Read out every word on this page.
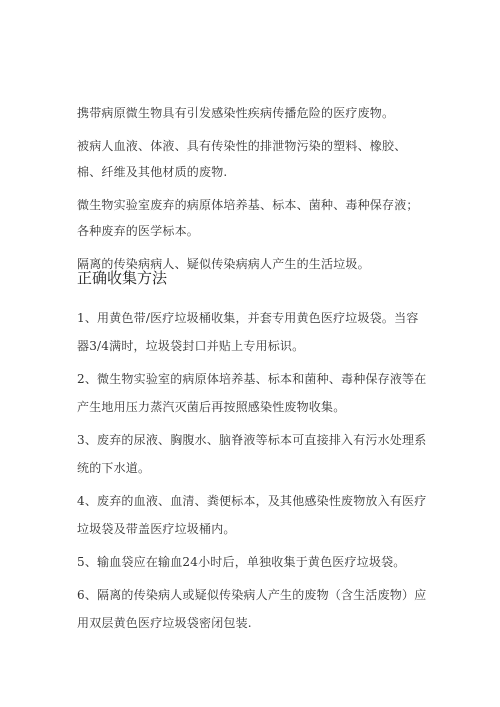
携带病原微生物具有引发感染性疾病传播危险的医疗废物。

被病人血液、体液、具有传染性的排泄物污染的塑料、橡胶、棉、纤维及其他材质的废物.

微生物实验室废弃的病原体培养基、标本、菌种、毒种保存液；各种废弃的医学标本。

隔离的传染病病人、疑似传染病病人产生的生活垃圾。

正确收集方法
1、用黄色带/医疗垃圾桶收集，并套专用黄色医疗垃圾袋。当容器3/4满时，垃圾袋封口并贴上专用标识。
2、微生物实验室的病原体培养基、标本和菌种、毒种保存液等在产生地用压力蒸汽灭菌后再按照感染性废物收集。
3、废弃的尿液、胸腹水、脑脊液等标本可直接排入有污水处理系统的下水道。
4、废弃的血液、血清、粪便标本，及其他感染性废物放入有医疗垃圾袋及带盖医疗垃圾桶内。
5、输血袋应在输血24小时后，单独收集于黄色医疗垃圾袋。
6、隔离的传染病人或疑似传染病人产生的废物（含生活废物）应用双层黄色医疗垃圾袋密闭包装.
